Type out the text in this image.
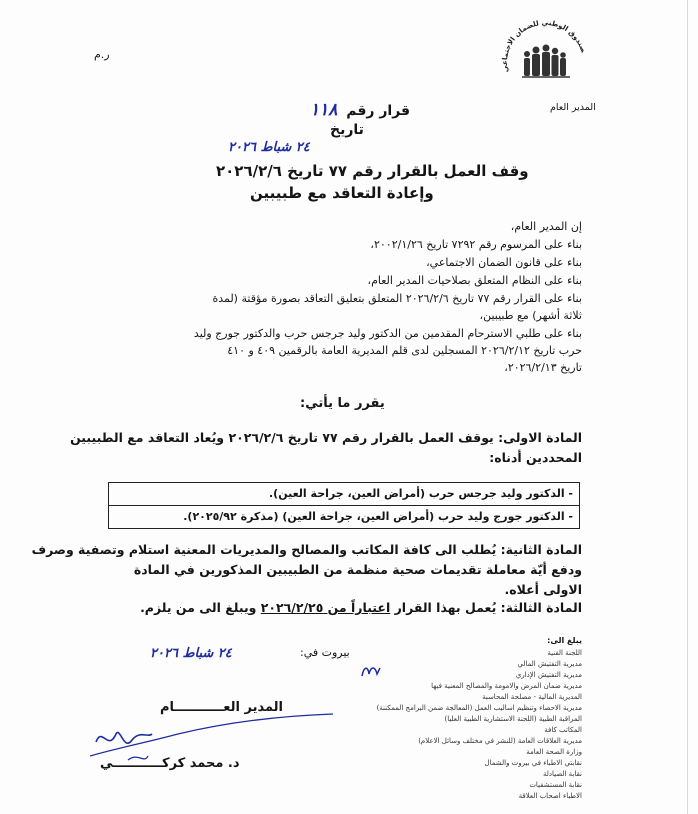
ر.م	صندوق الوطني للضمان الاجتماعي
المدير العام
قرار رقم ١١٨
تاريخ
٢٤ شباط ٢٠٢٦
وقف العمل بالقرار رقم ٧٧ تاريخ ٢٠٢٦/٢/٦
وإعادة التعاقد مع طبيبين
إن المدير العام،
بناء على المرسوم رقم ٧٢٩٢ تاريخ ٢٠٠٢/١/٢٦،
بناء على قانون الضمان الاجتماعي،
بناء على النظام المتعلق بصلاحيات المدير العام،
بناء على القرار رقم ٧٧ تاريخ ٢٠٢٦/٢/٦ المتعلق بتعليق التعاقد بصورة مؤقتة (لمدة
ثلاثة أشهر) مع طبيبين،
بناء على طلبي الاسترحام المقدمين من الدكتور وليد جرجس حرب والدكتور جورج وليد
حرب تاريخ ٢٠٢٦/٢/١٢ المسجلين لدى قلم المديرية العامة بالرقمين ٤٠٩ و ٤١٠
تاريخ ٢٠٢٦/٢/١٣،
يقرر ما يأتي:
المادة الاولى: يوقف العمل بالقرار رقم ٧٧ تاريخ ٢٠٢٦/٢/٦ ويُعاد التعاقد مع الطبيبين
المحددين أدناه:
- الدكتور وليد جرجس حرب (أمراض العين، جراحة العين).
- الدكتور جورج وليد حرب (أمراض العين، جراحة العين) (مذكرة ٢٠٢٥/٩٢).
المادة الثانية: يُطلب الى كافة المكاتب والمصالح والمديريات المعنية استلام وتصفية وصرف
ودفع أيّة معاملة تقديمات صحية منظمة من الطبيبين المذكورين في المادة
الاولى أعلاه.
المادة الثالثة: يُعمل بهذا القرار اعتباراً من ٢٠٢٦/٢/٢٥ ويبلغ الى من يلزم.
بيروت في:
٢٤ شباط ٢٠٢٦
المدير العـــــــــــام
د. محمد كركـــــــــــي
يبلغ الى:
اللجنة الفنية
مديرية التفتيش المالي
مديرية التفتيش الإداري
مديرية ضمان المرض والامومة والمصالح المعنية فيها
المديرية المالية - مصلحة المحاسبة
مديرية الاحصاء وتنظيم اساليب العمل (المعالجة ضمن البرامج الممكننة)
المراقبة الطبية (اللجنة الاستشارية الطبية العليا)
المكاتب كافة
مديرية العلاقات العامة (للنشر في مختلف وسائل الاعلام)
وزارة الصحة العامة
نقابتي الاطباء في بيروت والشمال
نقابة الصيادلة
نقابة المستشفيات
الاطباء اصحاب العلاقة
